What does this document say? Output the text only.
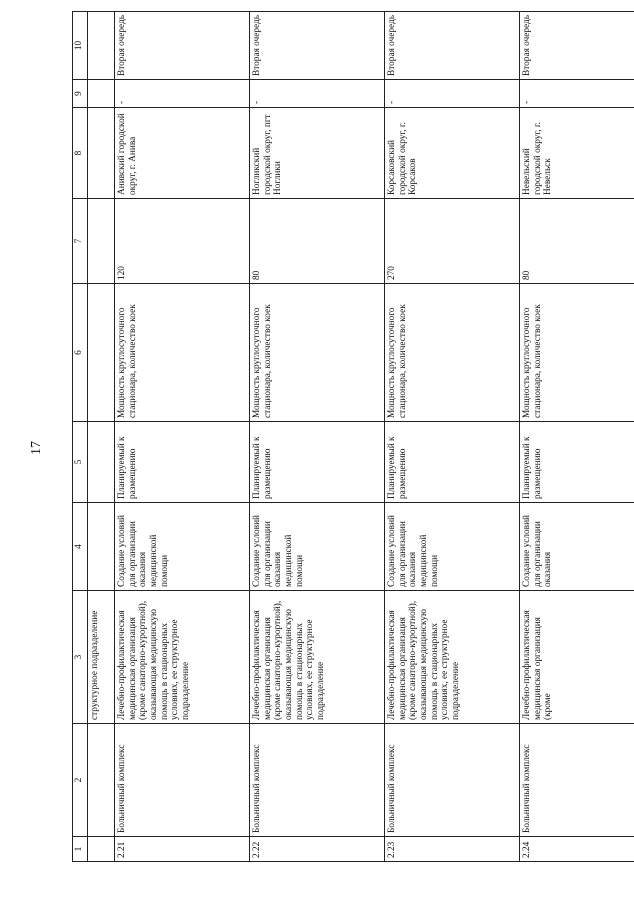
17
1	2	3	4	5	6	7	8	9	10
		структурное подразделение							
2.21	Больничный комплекс	Лечебно-профилактическая медицинская организация (кроме санаторно-курортной), оказывающая медицинскую помощь в стационарных условиях, ее структурное подразделение	Создание условий для организации оказания медицинской помощи	Планируемый к размещению	Мощность круглосуточного стационара, количество коек	120	Анивский городской округ, г. Анива	-	Вторая очередь
2.22	Больничный комплекс	Лечебно-профилактическая медицинская организация (кроме санаторно-курортной), оказывающая медицинскую помощь в стационарных условиях, ее структурное подразделение	Создание условий для организации оказания медицинской помощи	Планируемый к размещению	Мощность круглосуточного стационара, количество коек	80	Ногликский городской округ, пгт Ноглики	-	Вторая очередь
2.23	Больничный комплекс	Лечебно-профилактическая медицинская организация (кроме санаторно-курортной), оказывающая медицинскую помощь в стационарных условиях, ее структурное подразделение	Создание условий для организации оказания медицинской помощи	Планируемый к размещению	Мощность круглосуточного стационара, количество коек	270	Корсаковский городской округ, г. Корсаков	-	Вторая очередь
2.24	Больничный комплекс	Лечебно-профилактическая медицинская организация (кроме	Создание условий для организации оказания	Планируемый к размещению	Мощность круглосуточного стационара, количество коек	80	Невельский городской округ, г. Невельск	-	Вторая очередь
